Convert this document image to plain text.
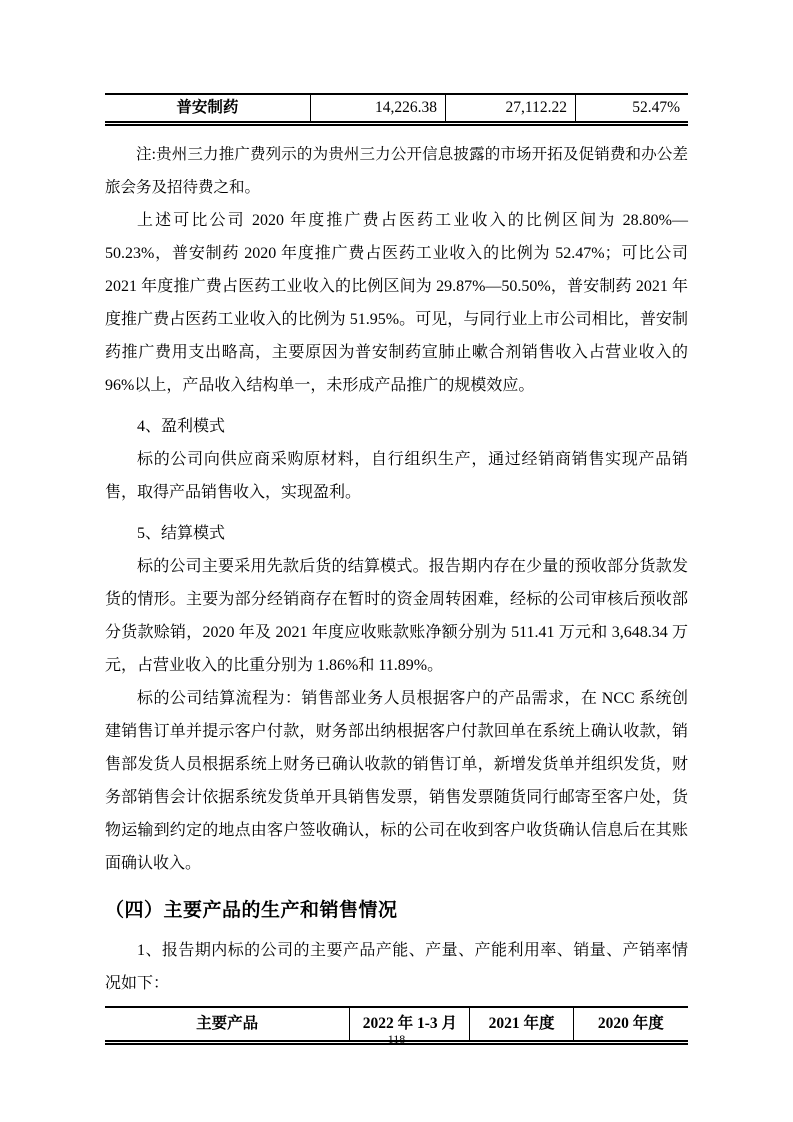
普安制药	14,226.38	27,112.22	52.47%

注:贵州三力推广费列示的为贵州三力公开信息披露的市场开拓及促销费和办公差旅会务及招待费之和。

上述可比公司 2020 年度推广费占医药工业收入的比例区间为 28.80%—50.23%，普安制药 2020 年度推广费占医药工业收入的比例为 52.47%；可比公司 2021 年度推广费占医药工业收入的比例区间为 29.87%—50.50%，普安制药 2021 年度推广费占医药工业收入的比例为 51.95%。可见，与同行业上市公司相比，普安制药推广费用支出略高，主要原因为普安制药宣肺止嗽合剂销售收入占营业收入的 96%以上，产品收入结构单一，未形成产品推广的规模效应。

4、盈利模式

标的公司向供应商采购原材料，自行组织生产，通过经销商销售实现产品销售，取得产品销售收入，实现盈利。

5、结算模式

标的公司主要采用先款后货的结算模式。报告期内存在少量的预收部分货款发货的情形。主要为部分经销商存在暂时的资金周转困难，经标的公司审核后预收部分货款赊销，2020 年及 2021 年度应收账款账净额分别为 511.41 万元和 3,648.34 万元，占营业收入的比重分别为 1.86%和 11.89%。

标的公司结算流程为：销售部业务人员根据客户的产品需求，在 NCC 系统创建销售订单并提示客户付款，财务部出纳根据客户付款回单在系统上确认收款，销售部发货人员根据系统上财务已确认收款的销售订单，新增发货单并组织发货，财务部销售会计依据系统发货单开具销售发票，销售发票随货同行邮寄至客户处，货物运输到约定的地点由客户签收确认，标的公司在收到客户收货确认信息后在其账面确认收入。

（四）主要产品的生产和销售情况

1、报告期内标的公司的主要产品产能、产量、产能利用率、销量、产销率情况如下：

主要产品	2022 年 1-3 月	2021 年度	2020 年度
118
